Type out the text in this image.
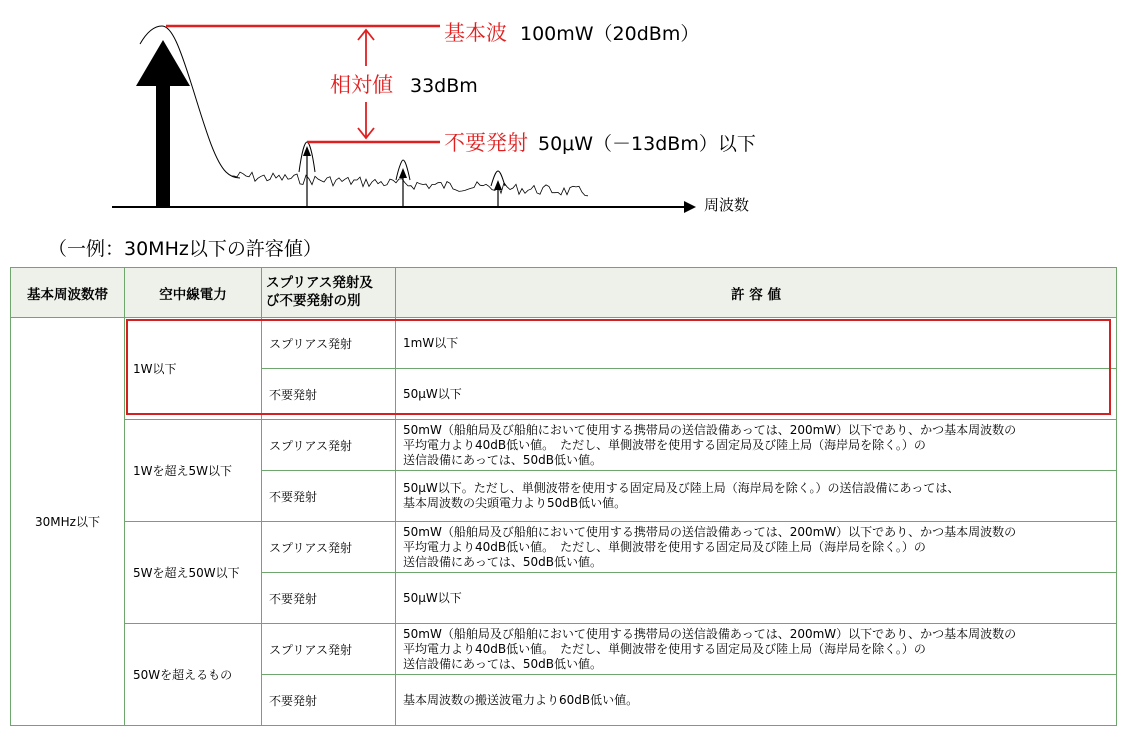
周波数
基本波 100mW（20dBm）
相対値 33dBm
不要発射 50μW（－13dBm）以下
（一例：30MHz以下の許容値）
基本周波数帯	空中線電力	スプリアス発射及
び不要発射の別	許 容 値
30MHz以下	1W以下	スプリアス発射	1mW以下

		不要発射	50μW以下

	1Wを超え5W以下	スプリアス発射	50mW（船舶局及び船舶において使用する携帯局の送信設備あっては、200mW）以下であり、かつ基本周波数の
平均電力より40dB低い値。　ただし、単側波帯を使用する固定局及び陸上局（海岸局を除く。）の
送信設備にあっては、50dB低い値。

		不要発射	50μW以下。ただし、単側波帯を使用する固定局及び陸上局（海岸局を除く。）の送信設備にあっては、
基本周波数の尖頭電力より50dB低い値。

	5Wを超え50W以下	スプリアス発射	50mW（船舶局及び船舶において使用する携帯局の送信設備あっては、200mW）以下であり、かつ基本周波数の
平均電力より40dB低い値。　ただし、単側波帯を使用する固定局及び陸上局（海岸局を除く。）の
送信設備にあっては、50dB低い値。

		不要発射	50μW以下

	50Wを超えるもの	スプリアス発射	50mW（船舶局及び船舶において使用する携帯局の送信設備あっては、200mW）以下であり、かつ基本周波数の
平均電力より40dB低い値。　ただし、単側波帯を使用する固定局及び陸上局（海岸局を除く。）の
送信設備にあっては、50dB低い値。

		不要発射	基本周波数の搬送波電力より60dB低い値。
